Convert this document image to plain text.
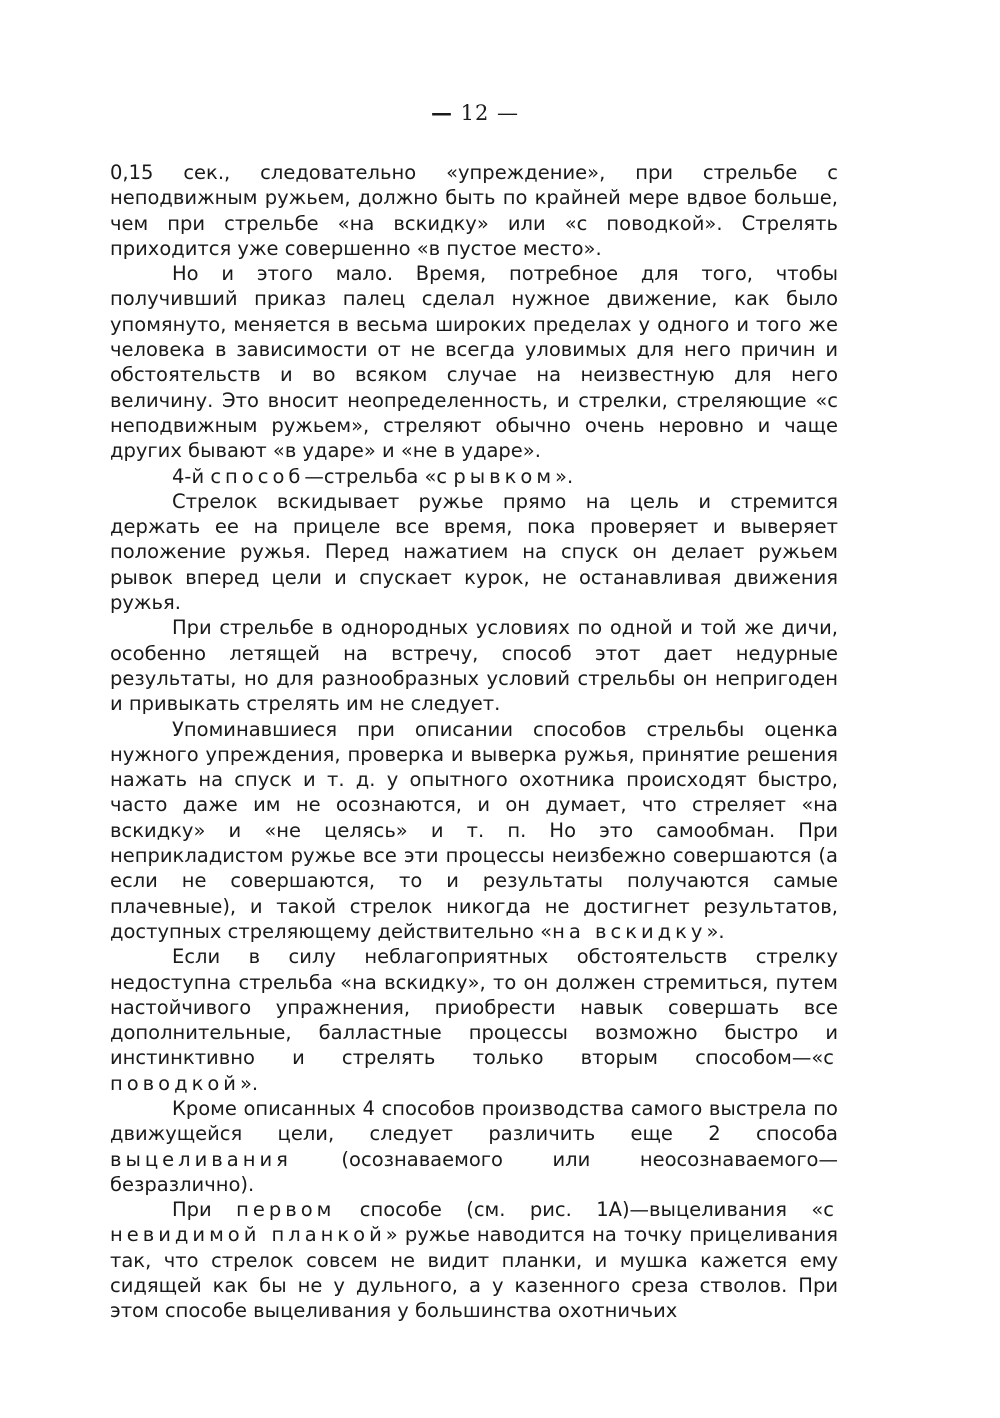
— 12 —

0,15 сек., следовательно «упреждение», при стрельбе с неподвижным ружьем, должно быть по крайней мере вдвое больше, чем при стрельбе «на вскидку» или «с поводкой». Стрелять приходится уже совершенно «в пустое место».

Но и этого мало. Время, потребное для того, чтобы получивший приказ палец сделал нужное движение, как было упомянуто, меняется в весьма широких пределах у одного и того же человека в зависимости от не всегда уловимых для него причин и обстоятельств и во всяком случае на неизвестную для него величину. Это вносит неопределенность, и стрелки, стреляющие «с неподвижным ружьем», стреляют обычно очень неровно и чаще других бывают «в ударе» и «не в ударе».

4-й способ—стрельба «с рывком».

Стрелок вскидывает ружье прямо на цель и стремится держать ее на прицеле все время, пока проверяет и выверяет положение ружья. Перед нажатием на спуск он делает ружьем рывок вперед цели и спускает курок, не останавливая движения ружья.

При стрельбе в однородных условиях по одной и той же дичи, особенно летящей на встречу, способ этот дает недурные результаты, но для разнообразных условий стрельбы он непригоден и привыкать стрелять им не следует.

Упоминавшиеся при описании способов стрельбы оценка нужного упреждения, проверка и выверка ружья, принятие решения нажать на спуск и т. д. у опытного охотника происходят быстро, часто даже им не осознаются, и он думает, что стреляет «на вскидку» и «не целясь» и т. п. Но это самообман. При неприкладистом ружье все эти процессы неизбежно совершаются (а если не совершаются, то и результаты получаются самые плачевные), и такой стрелок никогда не достигнет результатов, доступных стреляющему действительно «на вскидку».

Если в силу неблагоприятных обстоятельств стрелку недоступна стрельба «на вскидку», то он должен стремиться, путем настойчивого упражнения, приобрести навык совершать все дополнительные, балластные процессы возможно быстро и инстинктивно и стрелять только вторым способом—«с поводкой».

Кроме описанных 4 способов производства самого выстрела по движущейся цели, следует различить еще 2 способа выцеливания (осознаваемого или неосознаваемого—безразлично).

При первом способе (см. рис. 1А)—выцеливания «с невидимой планкой» ружье наводится на точку прицеливания так, что стрелок совсем не видит планки, и мушка кажется ему сидящей как бы не у дульного, а у казенного среза стволов. При этом способе выцеливания у большинства охотничьих
